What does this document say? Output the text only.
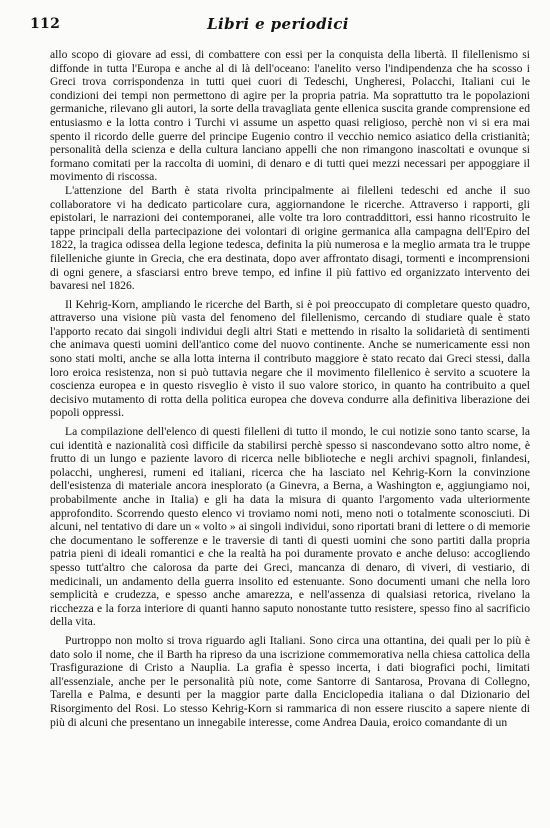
112	Libri e periodici

allo scopo di giovare ad essi, di combattere con essi per la conquista della libertà. Il filellenismo si diffonde in tutta l'Europa e anche al di là dell'oceano: l'anelito verso l'indipendenza che ha scosso i Greci trova corrispondenza in tutti quei cuori di Tedeschi, Ungheresi, Polacchi, Italiani cui le condizioni dei tempi non permettono di agire per la propria patria. Ma soprattutto tra le popolazioni germaniche, rilevano gli autori, la sorte della travagliata gente ellenica suscita grande comprensione ed entusiasmo e la lotta contro i Turchi vi assume un aspetto quasi religioso, perchè non vi si era mai spento il ricordo delle guerre del principe Eugenio contro il vecchio nemico asiatico della cristianità; personalità della scienza e della cultura lanciano appelli che non rimangono inascoltati e ovunque si formano comitati per la raccolta di uomini, di denaro e di tutti quei mezzi necessari per appoggiare il movimento di riscossa.

L'attenzione del Barth è stata rivolta principalmente ai filelleni tedeschi ed anche il suo collaboratore vi ha dedicato particolare cura, aggiornandone le ricerche. Attraverso i rapporti, gli epistolari, le narrazioni dei contemporanei, alle volte tra loro contraddittori, essi hanno ricostruito le tappe principali della partecipazione dei volontari di origine germanica alla campagna dell'Epiro del 1822, la tragica odissea della legione tedesca, definita la più numerosa e la meglio armata tra le truppe filelleniche giunte in Grecia, che era destinata, dopo aver affrontato disagi, tormenti e incomprensioni di ogni genere, a sfasciarsi entro breve tempo, ed infine il più fattivo ed organizzato intervento dei bavaresi nel 1826.

Il Kehrig-Korn, ampliando le ricerche del Barth, si è poi preoccupato di completare questo quadro, attraverso una visione più vasta del fenomeno del filellenismo, cercando di studiare quale è stato l'apporto recato dai singoli individui degli altri Stati e mettendo in risalto la solidarietà di sentimenti che animava questi uomini dell'antico come del nuovo continente. Anche se numericamente essi non sono stati molti, anche se alla lotta interna il contributo maggiore è stato recato dai Greci stessi, dalla loro eroica resistenza, non si può tuttavia negare che il movimento filellenico è servito a scuotere la coscienza europea e in questo risveglio è visto il suo valore storico, in quanto ha contribuito a quel decisivo mutamento di rotta della politica europea che doveva condurre alla definitiva liberazione dei popoli oppressi.

La compilazione dell'elenco di questi filelleni di tutto il mondo, le cui notizie sono tanto scarse, la cui identità e nazionalità così difficile da stabilirsi perchè spesso si nascondevano sotto altro nome, è frutto di un lungo e paziente lavoro di ricerca nelle biblioteche e negli archivi spagnoli, finlandesi, polacchi, ungheresi, rumeni ed italiani, ricerca che ha lasciato nel Kehrig-Korn la convinzione dell'esistenza di materiale ancora inesplorato (a Ginevra, a Berna, a Washington e, aggiungiamo noi, probabilmente anche in Italia) e gli ha data la misura di quanto l'argomento vada ulteriormente approfondito. Scorrendo questo elenco vi troviamo nomi noti, meno noti o totalmente sconosciuti. Di alcuni, nel tentativo di dare un « volto » ai singoli individui, sono riportati brani di lettere o di memorie che documentano le sofferenze e le traversie di tanti di questi uomini che sono partiti dalla propria patria pieni di ideali romantici e che la realtà ha poi duramente provato e anche deluso: accogliendo spesso tutt'altro che calorosa da parte dei Greci, mancanza di denaro, di viveri, di vestiario, di medicinali, un andamento della guerra insolito ed estenuante. Sono documenti umani che nella loro semplicità e crudezza, e spesso anche amarezza, e nell'assenza di qualsiasi retorica, rivelano la ricchezza e la forza interiore di quanti hanno saputo nonostante tutto resistere, spesso fino al sacrificio della vita.

Purtroppo non molto si trova riguardo agli Italiani. Sono circa una ottantina, dei quali per lo più è dato solo il nome, che il Barth ha ripreso da una iscrizione commemorativa nella chiesa cattolica della Trasfigurazione di Cristo a Nauplia. La grafia è spesso incerta, i dati biografici pochi, limitati all'essenziale, anche per le personalità più note, come Santorre di Santarosa, Provana di Collegno, Tarella e Palma, e desunti per la maggior parte dalla Enciclopedia italiana o dal Dizionario del Risorgimento del Rosi. Lo stesso Kehrig-Korn si rammarica di non essere riuscito a sapere niente di più di alcuni che presentano un innegabile interesse, come Andrea Dauia, eroico comandante di un
